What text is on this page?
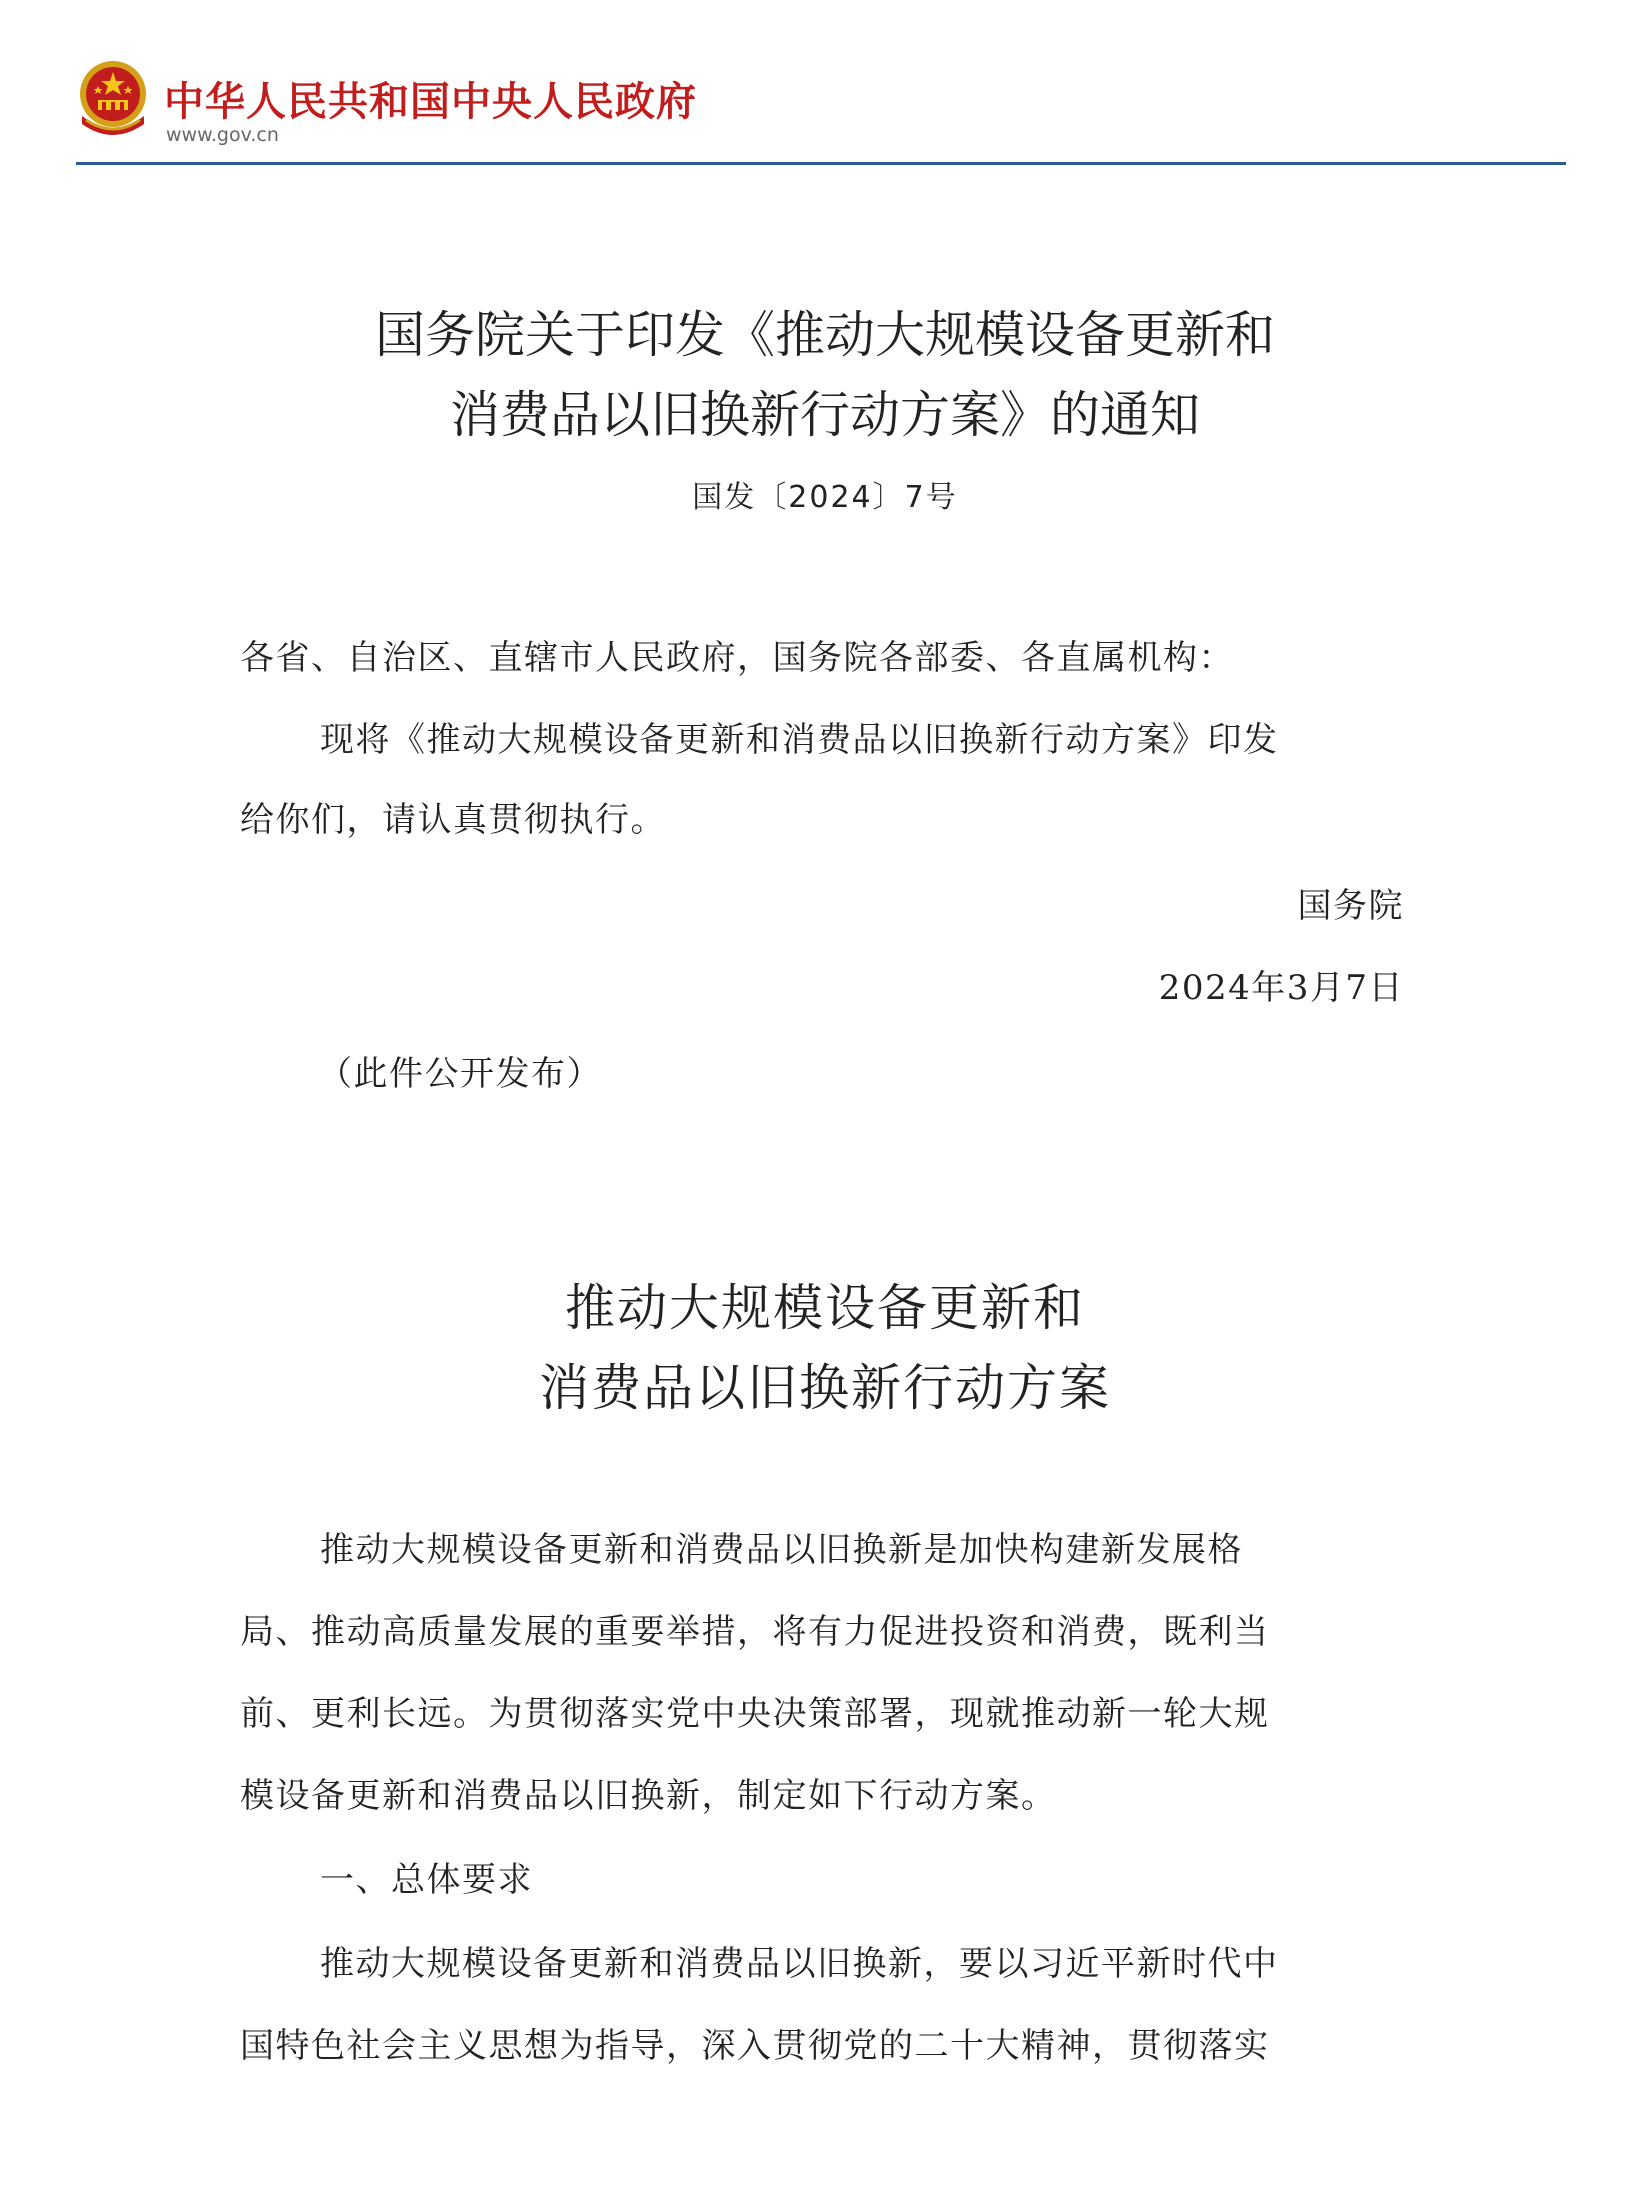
中华人民共和国中央人民政府
www.gov.cn
国务院关于印发《推动大规模设备更新和
消费品以旧换新行动方案》的通知
国发〔2024〕7号
各省、自治区、直辖市人民政府，国务院各部委、各直属机构：
现将《推动大规模设备更新和消费品以旧换新行动方案》印发
给你们，请认真贯彻执行。
国务院
2024年3月7日
（此件公开发布）
推动大规模设备更新和
消费品以旧换新行动方案
推动大规模设备更新和消费品以旧换新是加快构建新发展格
局、推动高质量发展的重要举措，将有力促进投资和消费，既利当
前、更利长远。为贯彻落实党中央决策部署，现就推动新一轮大规
模设备更新和消费品以旧换新，制定如下行动方案。
一、总体要求
推动大规模设备更新和消费品以旧换新，要以习近平新时代中
国特色社会主义思想为指导，深入贯彻党的二十大精神，贯彻落实
